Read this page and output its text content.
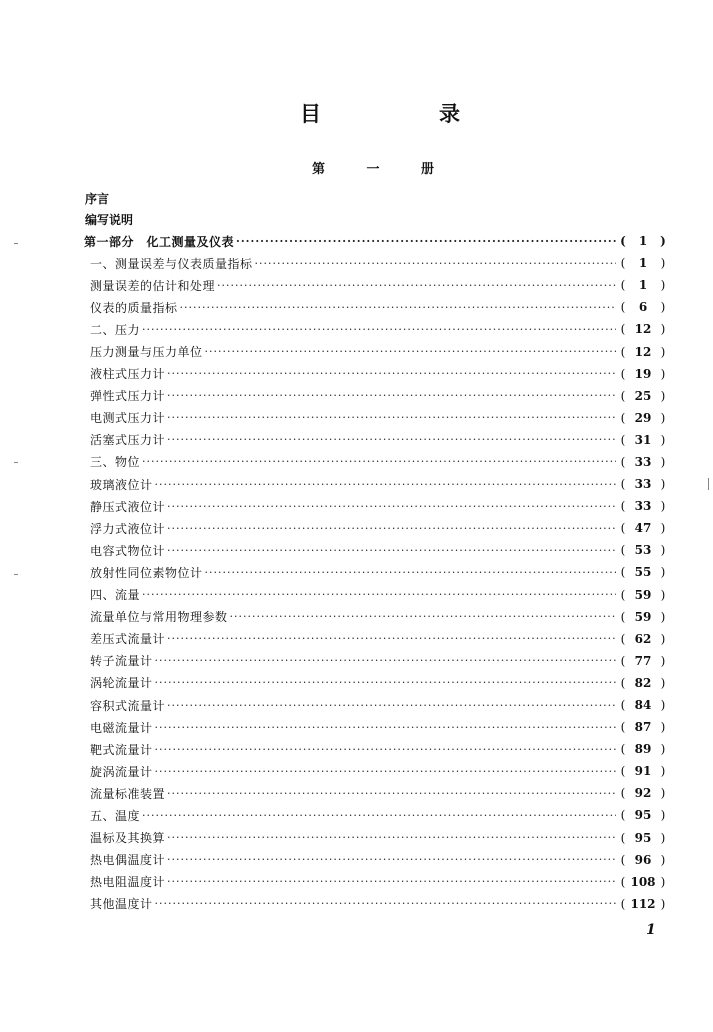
目	录
第	一	册
序言
编写说明
第一部分　化工测量及仪表 ·····	(	1	)
一、测量误差与仪表质量指标 ·····	(	1	)
测量误差的估计和处理 ·····	(	1	)
仪表的质量指标 ·····	(	6	)
二、压力 ·····	( 12 )
压力测量与压力单位 ·····	( 12 )
液柱式压力计 ·····	( 19 )
弹性式压力计 ·····	( 25 )
电测式压力计 ·····	( 29 )
活塞式压力计 ·····	( 31 )
三、物位 ·····	( 33 )
玻璃液位计 ·····	( 33 )
静压式液位计 ·····	( 33 )
浮力式液位计 ·····	( 47 )
电容式物位计 ·····	( 53 )
放射性同位素物位计 ·····	( 55 )
四、流量 ·····	( 59 )
流量单位与常用物理参数 ·····	( 59 )
差压式流量计 ·····	( 62 )
转子流量计 ·····	( 77 )
涡轮流量计 ·····	( 82 )
容积式流量计 ·····	( 84 )
电磁流量计 ·····	( 87 )
靶式流量计 ·····	( 89 )
旋涡流量计 ·····	( 91 )
流量标准装置 ·····	( 92 )
五、温度 ·····	( 95 )
温标及其换算 ·····	( 95 )
热电偶温度计 ·····	( 96 )
热电阻温度计 ·····	( 108 )
其他温度计 ·····	( 112 )
1
